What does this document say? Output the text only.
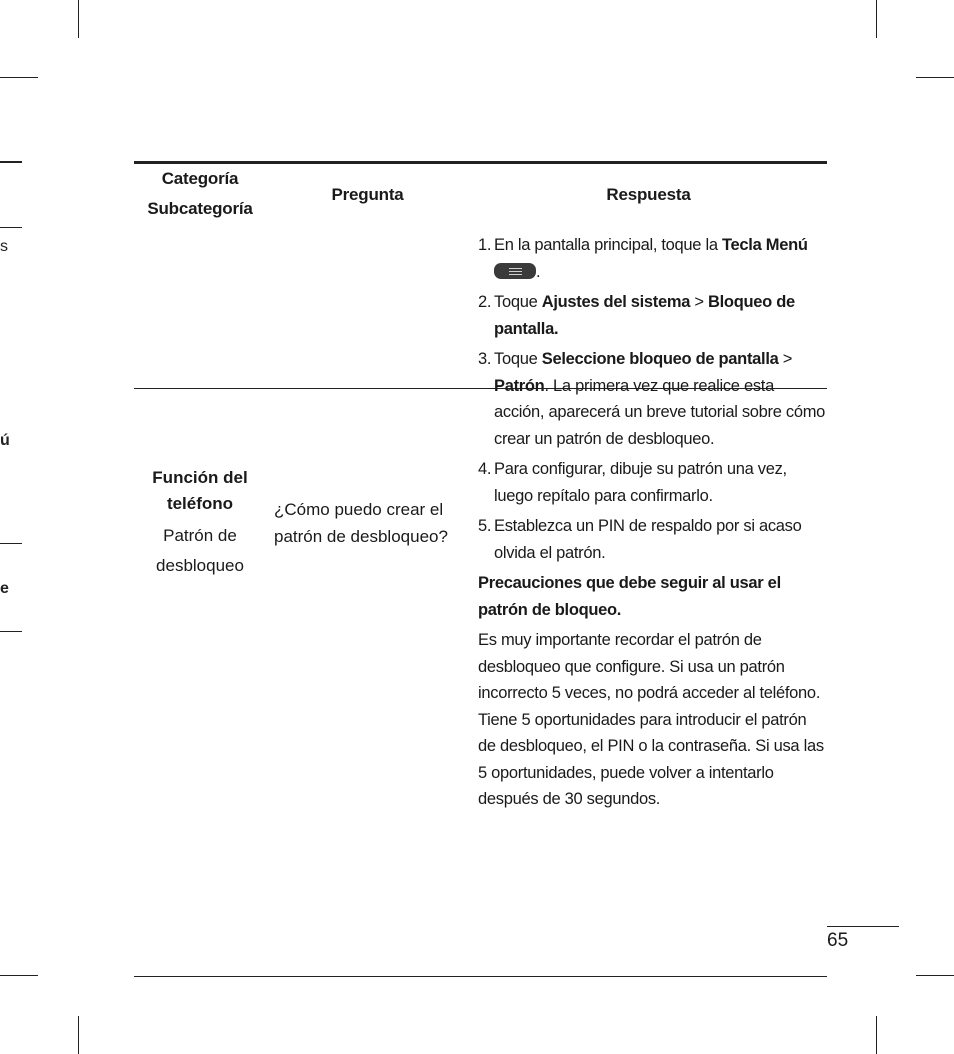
s
ú
e
Categoría
Subcategoría
Pregunta	Respuesta
Función del teléfono
Patrón de desbloqueo
¿Cómo puedo crear el patrón de desbloqueo?
1. En la pantalla principal, toque la Tecla Menú

.
2. Toque Ajustes del sistema > Bloqueo de pantalla.
3. Toque Seleccione bloqueo de pantalla > Patrón. La primera vez que realice esta acción, aparecerá un breve tutorial sobre cómo crear un patrón de desbloqueo.
4. Para configurar, dibuje su patrón una vez, luego repítalo para confirmarlo.
5. Establezca un PIN de respaldo por si acaso olvida el patrón.
Precauciones que debe seguir al usar el patrón de bloqueo.

Es muy importante recordar el patrón de desbloqueo que configure. Si usa un patrón incorrecto 5 veces, no podrá acceder al teléfono. Tiene 5 oportunidades para introducir el patrón de desbloqueo, el PIN o la contraseña. Si usa las 5 oportunidades, puede volver a intentarlo después de 30 segundos.

65
